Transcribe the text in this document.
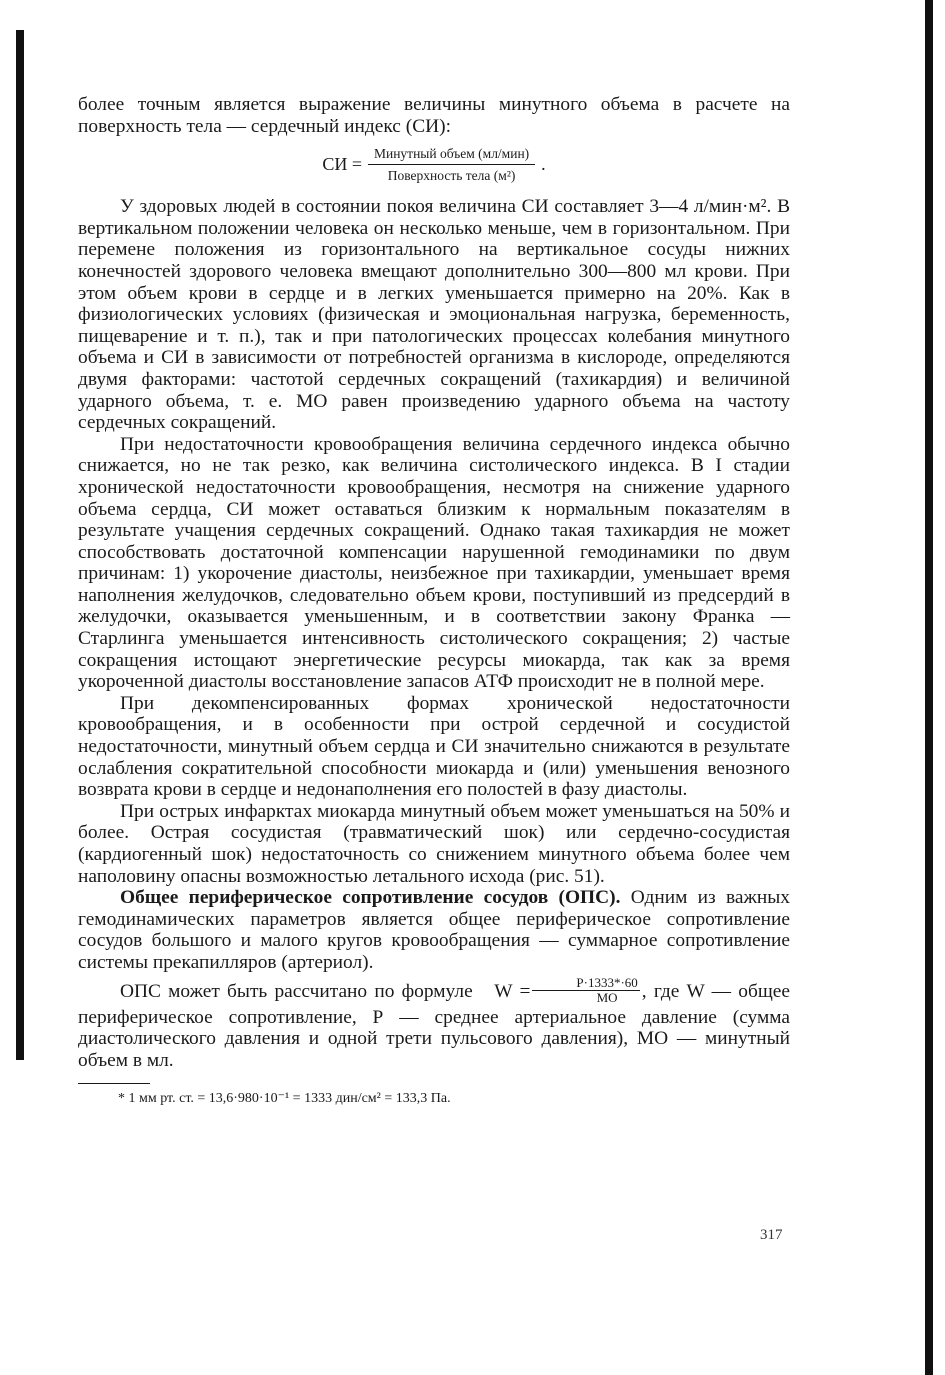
более точным является выражение величины минутного объема в расчете на поверхность тела — сердечный индекс (СИ):

СИ = $\frac{\text{Минутный объем (мл/мин)}}{\text{Поверхность тела (м²)}}$ .

У здоровых людей в состоянии покоя величина СИ составляет 3—4 л/мин·м². В вертикальном положении человека он несколько меньше, чем в горизонтальном. При перемене положения из горизонтального на вертикальное сосуды нижних конечностей здорового человека вмещают дополнительно 300—800 мл крови. При этом объем крови в сердце и в легких уменьшается примерно на 20%. Как в физиологических условиях (физическая и эмоциональная нагрузка, беременность, пищеварение и т. п.), так и при патологических процессах колебания минутного объема и СИ в зависимости от потребностей организма в кислороде, определяются двумя факторами: частотой сердечных сокращений (тахикардия) и величиной ударного объема, т. е. МО равен произведению ударного объема на частоту сердечных сокращений.

При недостаточности кровообращения величина сердечного индекса обычно снижается, но не так резко, как величина систолического индекса. В I стадии хронической недостаточности кровообращения, несмотря на снижение ударного объема сердца, СИ может оставаться близким к нормальным показателям в результате учащения сердечных сокращений. Однако такая тахикардия не может способствовать достаточной компенсации нарушенной гемодинамики по двум причинам: 1) укорочение диастолы, неизбежное при тахикардии, уменьшает время наполнения желудочков, следовательно объем крови, поступивший из предсердий в желудочки, оказывается уменьшенным, и в соответствии закону Франка — Старлинга уменьшается интенсивность систолического сокращения; 2) частые сокращения истощают энергетические ресурсы миокарда, так как за время укороченной диастолы восстановление запасов АТФ происходит не в полной мере.

При декомпенсированных формах хронической недостаточности кровообращения, и в особенности при острой сердечной и сосудистой недостаточности, минутный объем сердца и СИ значительно снижаются в результате ослабления сократительной способности миокарда и (или) уменьшения венозного возврата крови в сердце и недонаполнения его полостей в фазу диастолы.

При острых инфарктах миокарда минутный объем может уменьшаться на 50% и более. Острая сосудистая (травматический шок) или сердечно-сосудистая (кардиогенный шок) недостаточность со снижением минутного объема более чем наполовину опасны возможностью летального исхода (рис. 51).

Общее периферическое сопротивление сосудов (ОПС). Одним из важных гемодинамических параметров является общее периферическое сопротивление сосудов большого и малого кругов кровообращения — суммарное сопротивление системы прекапилляров (артериол).

ОПС может быть рассчитано по формуле $W = \frac{P\cdot 1333*\cdot 60}{MO}$ , где W — общее периферическое сопротивление, Р — среднее артериальное давление (сумма диастолического давления и одной трети пульсового давления), МО — минутный объем в мл.

* 1 мм рт. ст. = 13,6·980·10⁻¹ = 1333 дин/см² = 133,3 Па.
317
